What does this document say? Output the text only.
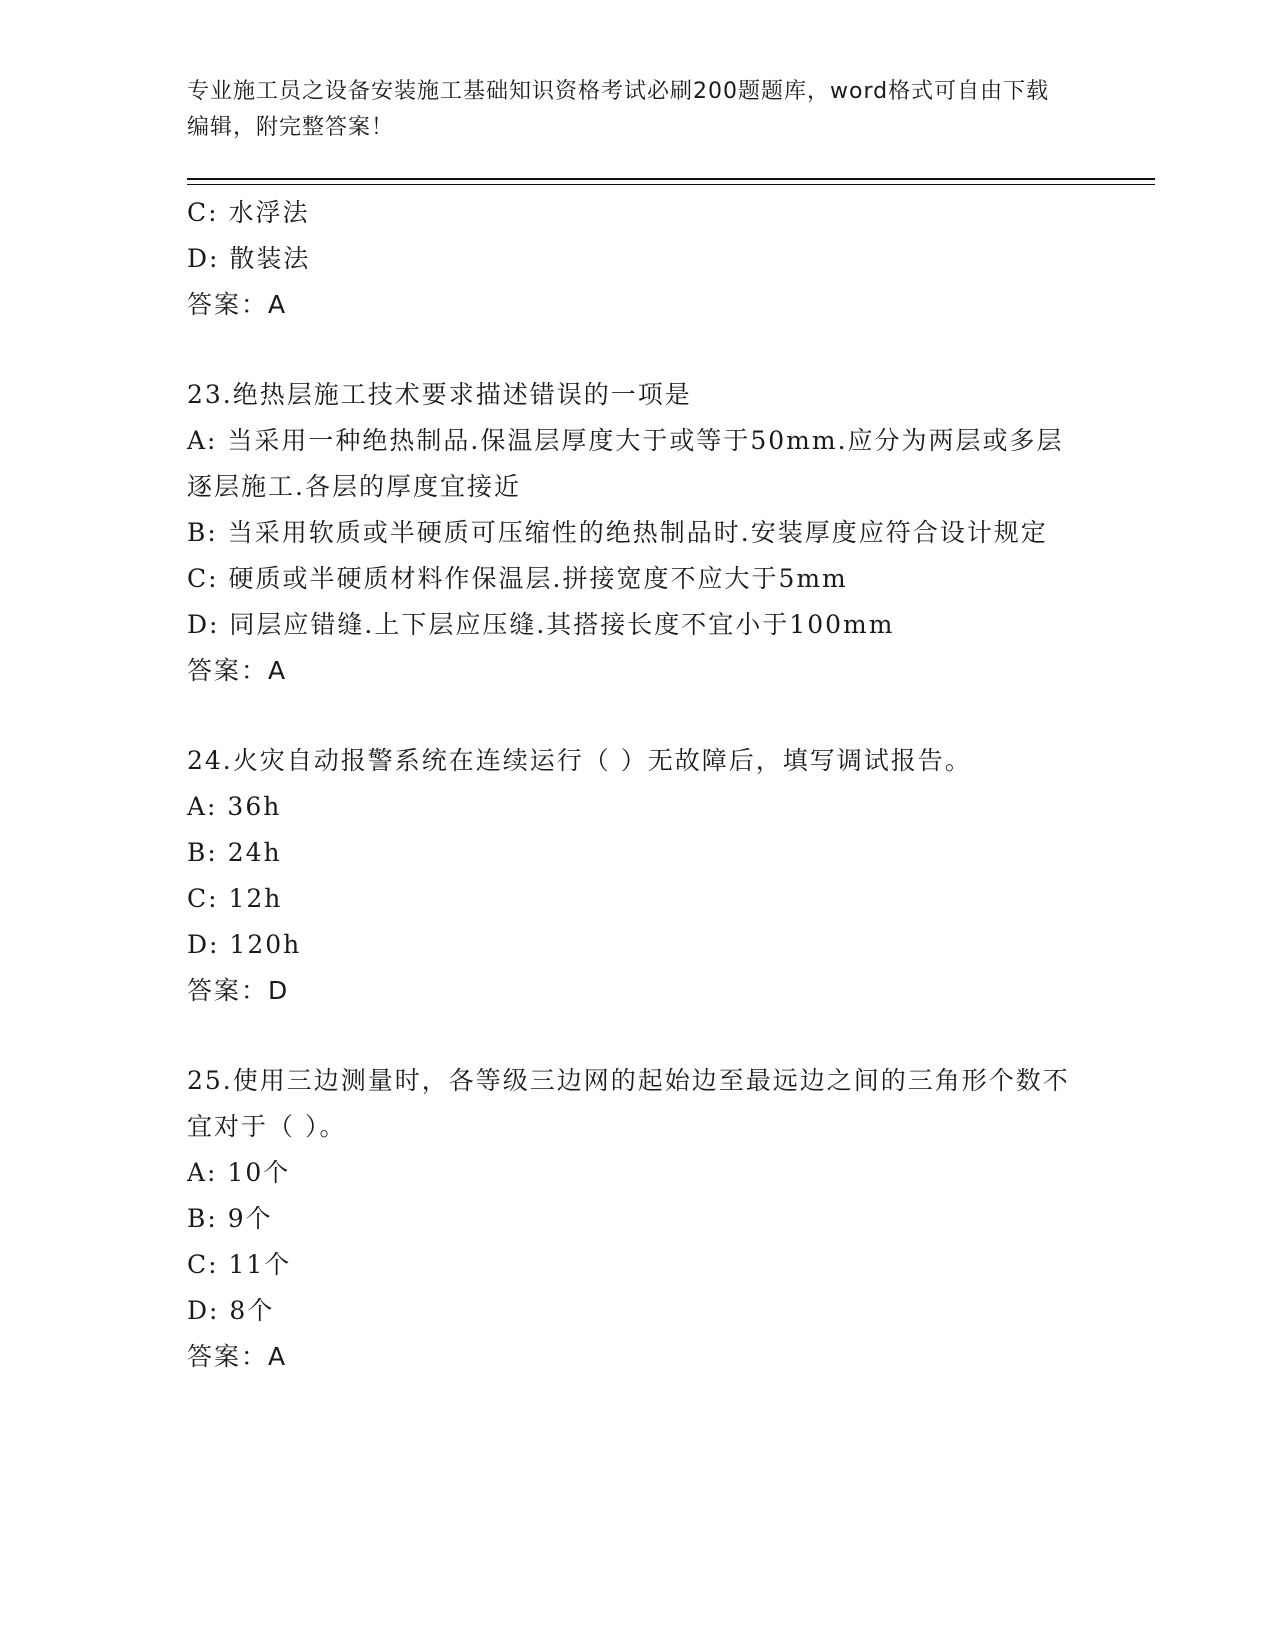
专业施工员之设备安装施工基础知识资格考试必刷200题题库，word格式可自由下载编辑，附完整答案！
C: 水浮法
D: 散装法
答案：A
23.绝热层施工技术要求描述错误的一项是
A: 当采用一种绝热制品.保温层厚度大于或等于50mm.应分为两层或多层逐层施工.各层的厚度宜接近
B: 当采用软质或半硬质可压缩性的绝热制品时.安装厚度应符合设计规定
C: 硬质或半硬质材料作保温层.拼接宽度不应大于5mm
D: 同层应错缝.上下层应压缝.其搭接长度不宜小于100mm
答案：A
24.火灾自动报警系统在连续运行（ ）无故障后，填写调试报告。
A: 36h
B: 24h
C: 12h
D: 120h
答案：D
25.使用三边测量时，各等级三边网的起始边至最远边之间的三角形个数不宜对于（ ）。
A: 10个
B: 9个
C: 11个
D: 8个
答案：A
